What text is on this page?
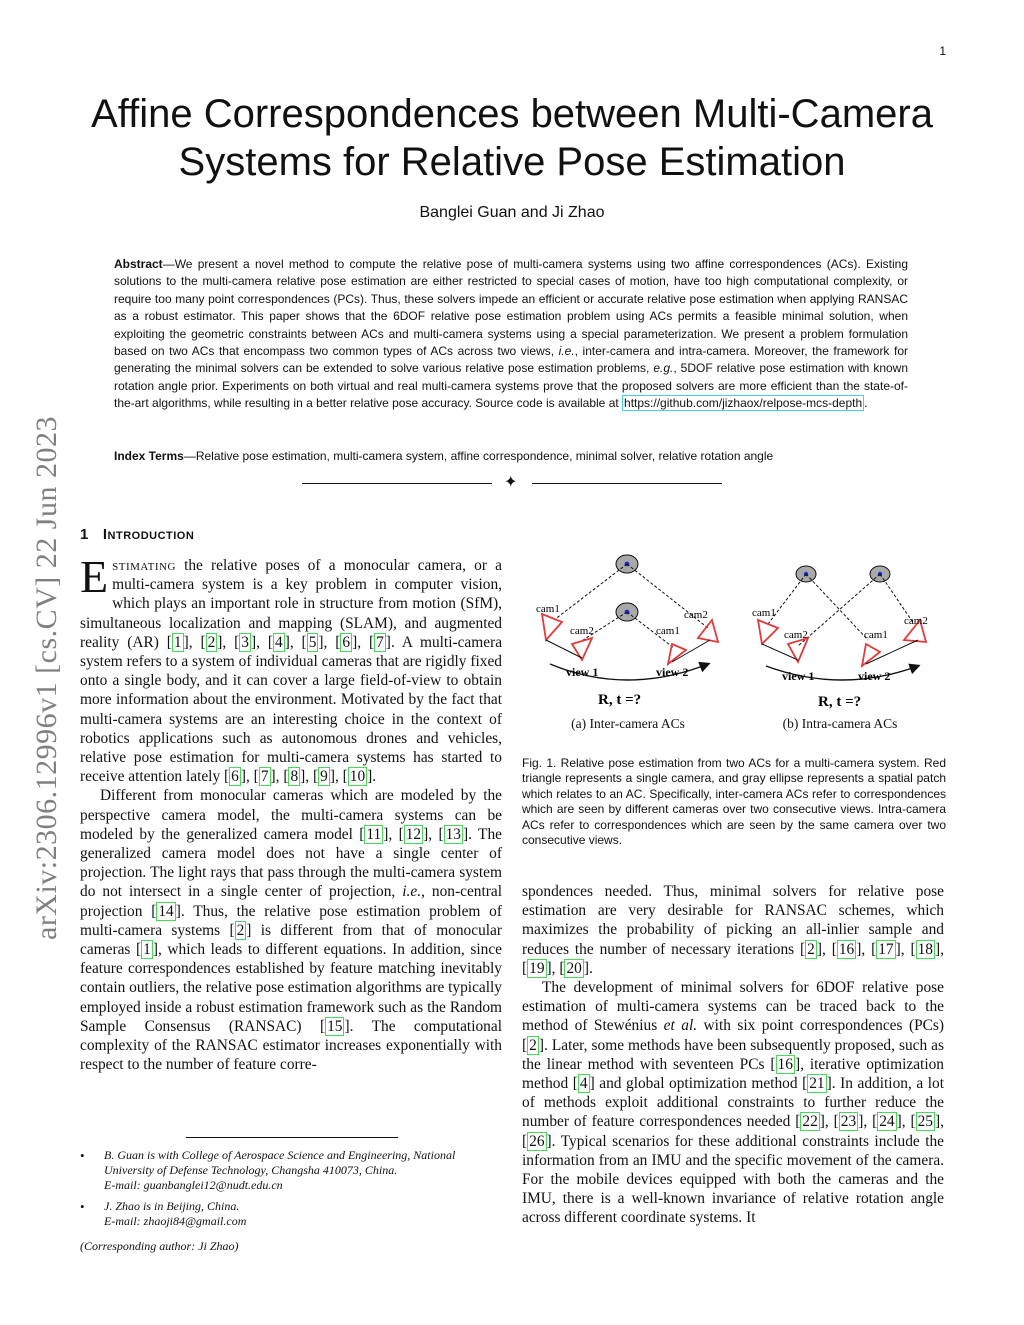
1
Affine Correspondences between Multi-Camera
Systems for Relative Pose Estimation
Banglei Guan and Ji Zhao
arXiv:2306.12996v1 [cs.CV] 22 Jun 2023
Abstract—We present a novel method to compute the relative pose of multi-camera systems using two affine correspondences (ACs). Existing solutions to the multi-camera relative pose estimation are either restricted to special cases of motion, have too high computational complexity, or require too many point correspondences (PCs). Thus, these solvers impede an efficient or accurate relative pose estimation when applying RANSAC as a robust estimator. This paper shows that the 6DOF relative pose estimation problem using ACs permits a feasible minimal solution, when exploiting the geometric constraints between ACs and multi-camera systems using a special parameterization. We present a problem formulation based on two ACs that encompass two common types of ACs across two views, i.e., inter-camera and intra-camera. Moreover, the framework for generating the minimal solvers can be extended to solve various relative pose estimation problems, e.g., 5DOF relative pose estimation with known rotation angle prior. Experiments on both virtual and real multi-camera systems prove that the proposed solvers are more efficient than the state-of-the-art algorithms, while resulting in a better relative pose accuracy. Source code is available at https://github.com/jizhaox/relpose-mcs-depth .
Index Terms—Relative pose estimation, multi-camera system, affine correspondence, minimal solver, relative rotation angle
✦
1 Introduction

Estimating the relative poses of a monocular camera, or a multi-camera system is a key problem in computer vision, which plays an important role in structure from motion (SfM), simultaneous localization and mapping (SLAM), and augmented reality (AR) [ 1 ], [ 2 ], [ 3 ], [ 4 ], [ 5 ], [ 6 ], [ 7 ]. A multi-camera system refers to a system of individual cameras that are rigidly fixed onto a single body, and it can cover a large field-of-view to obtain more information about the environment. Motivated by the fact that multi-camera systems are an interesting choice in the context of robotics applications such as autonomous drones and vehicles, relative pose estimation for multi-camera systems has started to receive attention lately [ 6 ], [ 7 ], [ 8 ], [ 9 ], [ 10 ].

Different from monocular cameras which are modeled by the perspective camera model, the multi-camera systems can be modeled by the generalized camera model [ 11 ], [ 12 ], [ 13 ]. The generalized camera model does not have a single center of projection. The light rays that pass through the multi-camera system do not intersect in a single center of projection, i.e., non-central projection [ 14 ]. Thus, the relative pose estimation problem of multi-camera systems [ 2 ] is different from that of monocular cameras [ 1 ], which leads to different equations. In addition, since feature correspondences established by feature matching inevitably contain outliers, the relative pose estimation algorithms are typically employed inside a robust estimation framework such as the Random Sample Consensus (RANSAC) [ 15 ]. The computational complexity of the RANSAC estimator increases exponentially with respect to the number of feature corre-

cam1
cam2
cam2
cam1
view 1	view 2
R, t =?
cam1
cam2
cam2
cam1
view 1	view 2
R, t =?
(a) Inter-camera ACs	(b) Intra-camera ACs
Fig. 1. Relative pose estimation from two ACs for a multi-camera system. Red triangle represents a single camera, and gray ellipse represents a spatial patch which relates to an AC. Specifically, inter-camera ACs refer to correspondences which are seen by different cameras over two consecutive views. Intra-camera ACs refer to correspondences which are seen by the same camera over two consecutive views.

spondences needed. Thus, minimal solvers for relative pose estimation are very desirable for RANSAC schemes, which maximizes the probability of picking an all-inlier sample and reduces the number of necessary iterations [ 2 ], [ 16 ], [ 17 ], [ 18 ], [ 19 ], [ 20 ].

The development of minimal solvers for 6DOF relative pose estimation of multi-camera systems can be traced back to the method of Stewénius et al. with six point correspondences (PCs) [ 2 ]. Later, some methods have been subsequently proposed, such as the linear method with seventeen PCs [ 16 ], iterative optimization method [ 4 ] and global optimization method [ 21 ]. In addition, a lot of methods exploit additional constraints to further reduce the number of feature correspondences needed [ 22 ], [ 23 ], [ 24 ], [ 25 ], [ 26 ]. Typical scenarios for these additional constraints include the information from an IMU and the specific movement of the camera. For the mobile devices equipped with both the cameras and the IMU, there is a well-known invariance of relative rotation angle across different coordinate systems. It

• B. Guan is with College of Aerospace Science and Engineering, National
University of Defense Technology, Changsha 410073, China.
E-mail: guanbanglei12@nudt.edu.cn
• J. Zhao is in Beijing, China.
E-mail: zhaoji84@gmail.com
(Corresponding author: Ji Zhao)
